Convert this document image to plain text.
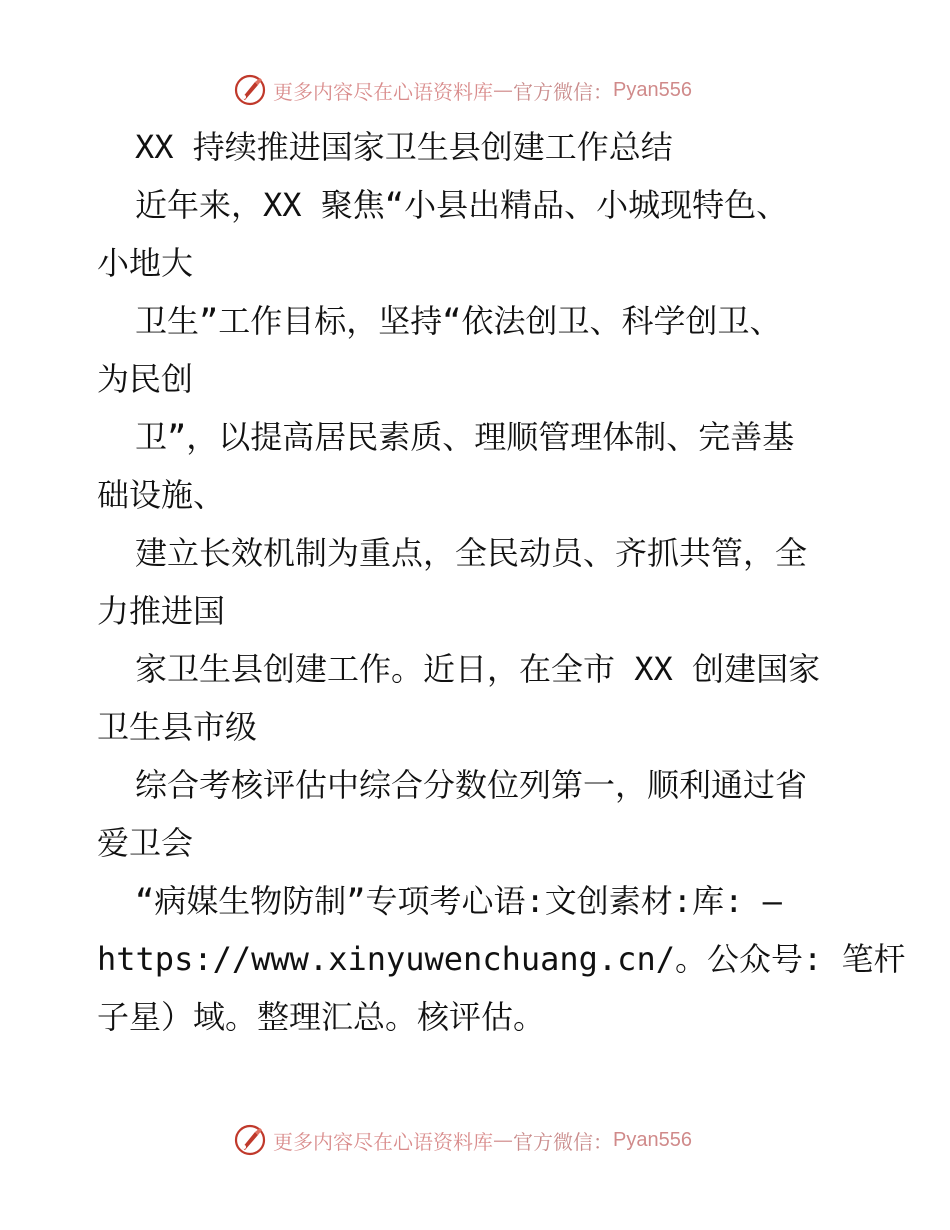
更多内容尽在心语资料库 — 官方微信： Pyan556
XX 持续推进国家卫生县创建工作总结
近年来，XX 聚焦“小县出精品、小城现特色、
小地大
卫生”工作目标，坚持“依法创卫、科学创卫、
为民创
卫”，以提高居民素质、理顺管理体制、完善基
础设施、
建立长效机制为重点，全民动员、齐抓共管，全
力推进国
家卫生县创建工作。近日，在全市 XX 创建国家
卫生县市级
综合考核评估中综合分数位列第一，顺利通过省
爱卫会
“病媒生物防制”专项考心语:文创素材:库: —
https://www.xinyuwenchuang.cn/。公众号: 笔杆
子星）域。整理汇总。核评估。
更多内容尽在心语资料库 — 官方微信： Pyan556
